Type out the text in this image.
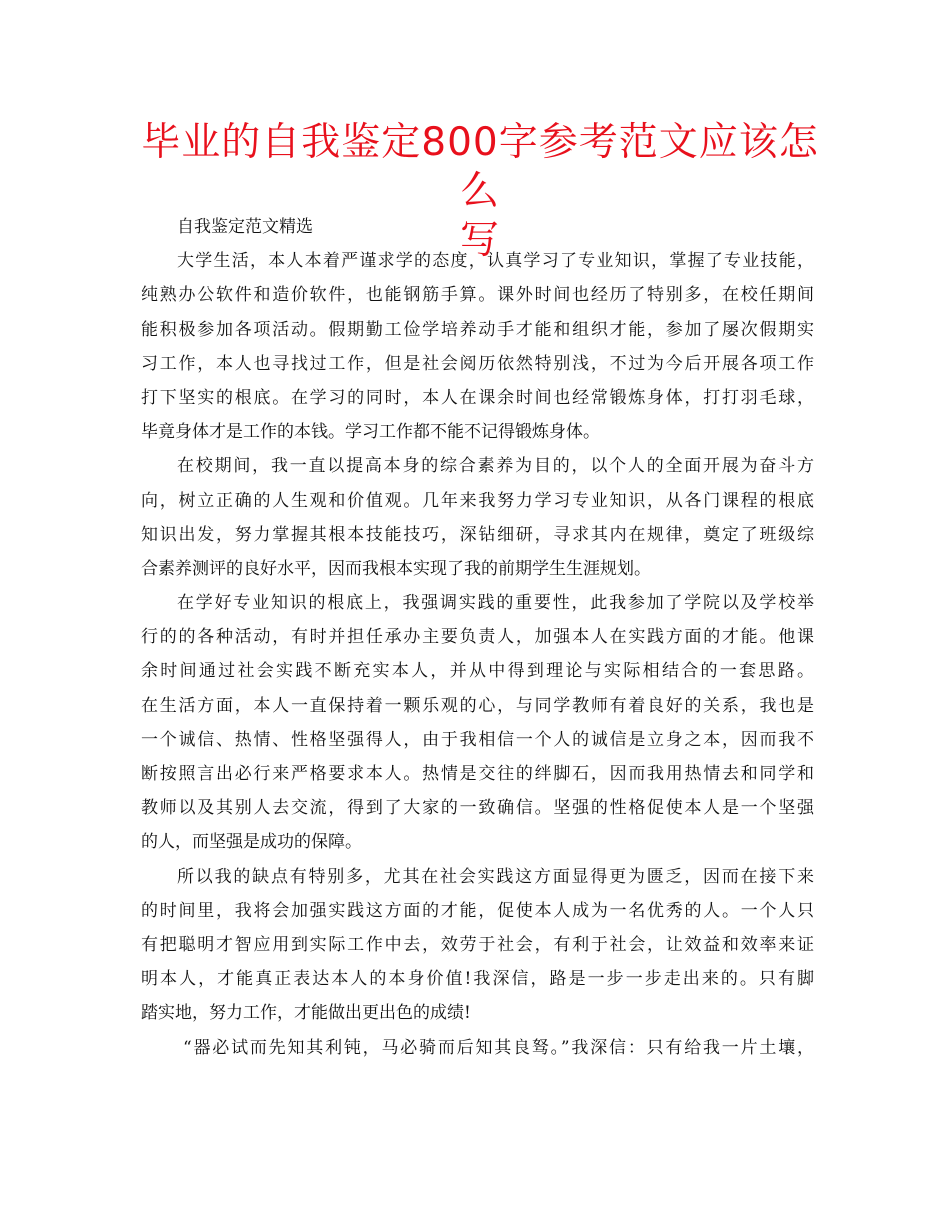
毕业的自我鉴定800字参考范文应该怎么
写
自我鉴定范文精选
大学生活，本人本着严谨求学的态度，认真学习了专业知识，掌握了专业技能，
纯熟办公软件和造价软件，也能钢筋手算。课外时间也经历了特别多，在校任期间
能积极参加各项活动。假期勤工俭学培养动手才能和组织才能，参加了屡次假期实
习工作，本人也寻找过工作，但是社会阅历依然特别浅，不过为今后开展各项工作
打下坚实的根底。在学习的同时，本人在课余时间也经常锻炼身体，打打羽毛球，
毕竟身体才是工作的本钱。学习工作都不能不记得锻炼身体。
在校期间，我一直以提高本身的综合素养为目的，以个人的全面开展为奋斗方
向，树立正确的人生观和价值观。几年来我努力学习专业知识，从各门课程的根底
知识出发，努力掌握其根本技能技巧，深钻细研，寻求其内在规律，奠定了班级综
合素养测评的良好水平，因而我根本实现了我的前期学生生涯规划。
在学好专业知识的根底上，我强调实践的重要性，此我参加了学院以及学校举
行的的各种活动，有时并担任承办主要负责人，加强本人在实践方面的才能。他课
余时间通过社会实践不断充实本人，并从中得到理论与实际相结合的一套思路。
在生活方面，本人一直保持着一颗乐观的心，与同学教师有着良好的关系，我也是
一个诚信、热情、性格坚强得人，由于我相信一个人的诚信是立身之本，因而我不
断按照言出必行来严格要求本人。热情是交往的绊脚石，因而我用热情去和同学和
教师以及其别人去交流，得到了大家的一致确信。坚强的性格促使本人是一个坚强
的人，而坚强是成功的保障。
所以我的缺点有特别多，尤其在社会实践这方面显得更为匮乏，因而在接下来
的时间里，我将会加强实践这方面的才能，促使本人成为一名优秀的人。一个人只
有把聪明才智应用到实际工作中去，效劳于社会，有利于社会，让效益和效率来证
明本人，才能真正表达本人的本身价值!我深信，路是一步一步走出来的。只有脚
踏实地，努力工作，才能做出更出色的成绩!
“器必试而先知其利钝，马必骑而后知其良驽。”我深信：只有给我一片土壤，
